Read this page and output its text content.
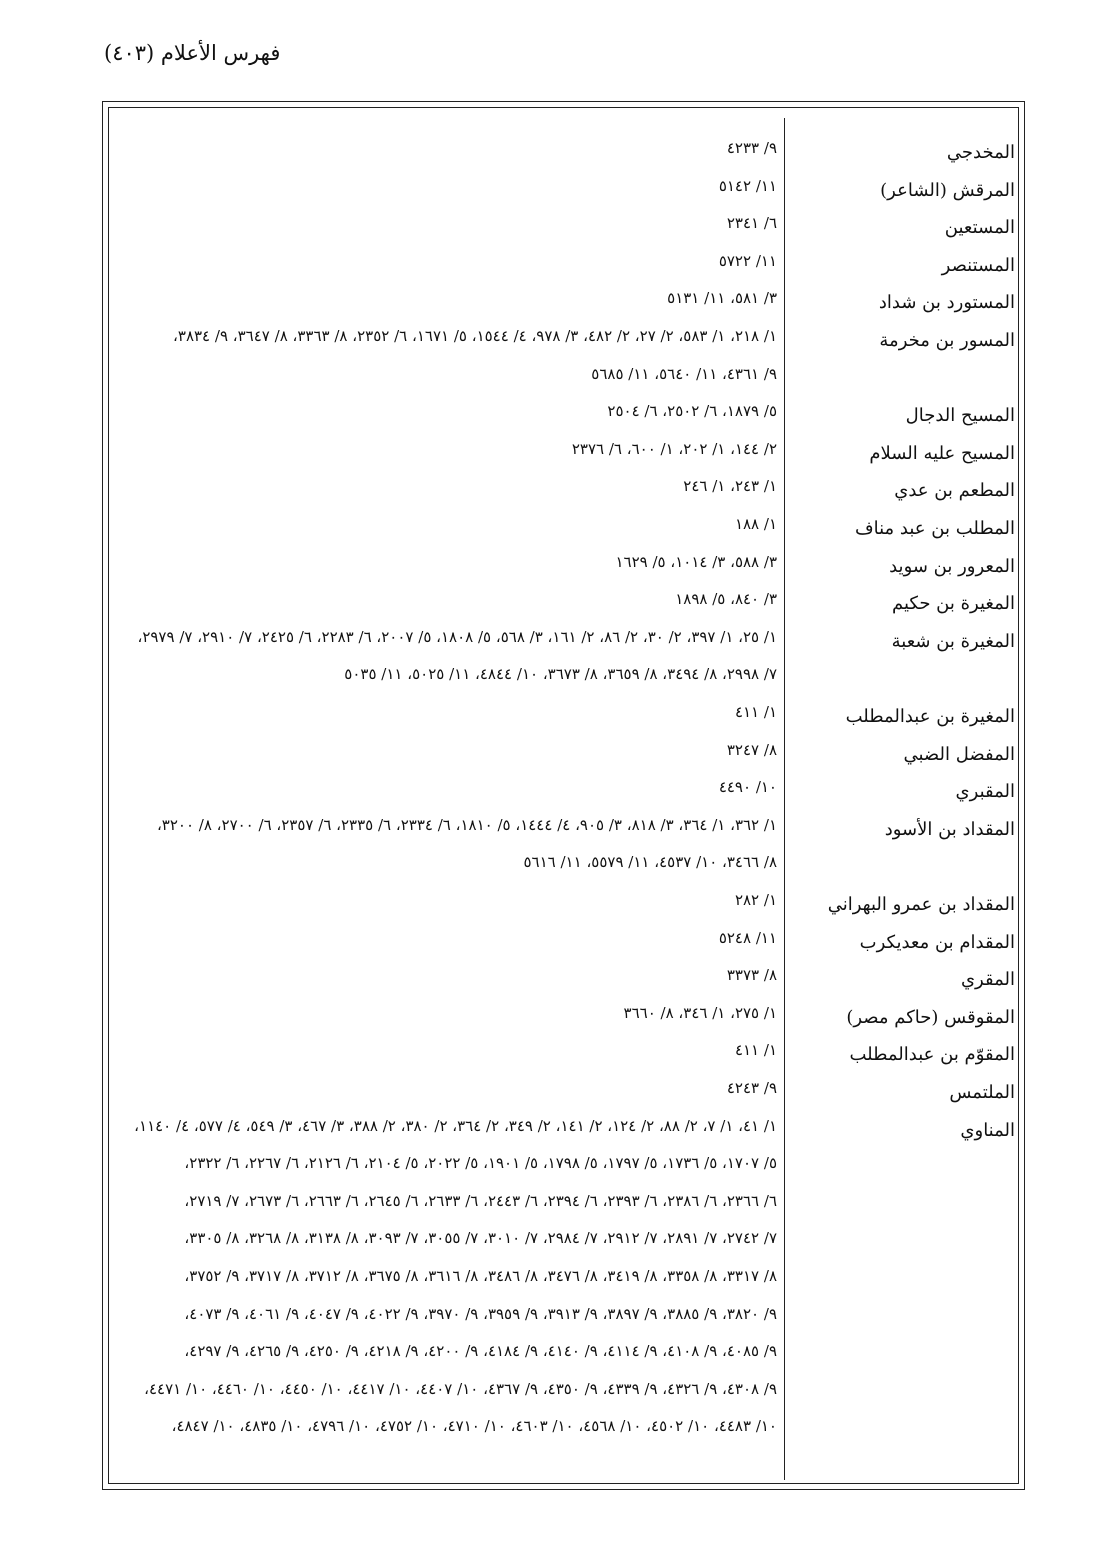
فهرس الأعلام (٤٠٣)
المخدجي
٩/ ٤٢٣٣
المرقش (الشاعر)
١١/ ٥١٤٢
المستعين
٦/ ٢٣٤١
المستنصر
١١/ ٥٧٢٢
المستورد بن شداد
٣/ ٥٨١، ١١/ ٥١٣١
المسور بن مخرمة
١/ ٢١٨، ١/ ٥٨٣، ٢/ ٢٧، ٢/ ٤٨٢، ٣/ ٩٧٨، ٤/ ١٥٤٤، ٥/ ١٦٧١، ٦/ ٢٣٥٢، ٨/ ٣٣٦٣، ٨/ ٣٦٤٧، ٩/ ٣٨٣٤،
٩/ ٤٣٦١، ١١/ ٥٦٤٠، ١١/ ٥٦٨٥
المسيح الدجال
٥/ ١٨٧٩، ٦/ ٢٥٠٢، ٦/ ٢٥٠٤
المسيح عليه السلام
٢/ ١٤٤، ١/ ٢٠٢، ١/ ٦٠٠، ٦/ ٢٣٧٦
المطعم بن عدي
١/ ٢٤٣، ١/ ٢٤٦
المطلب بن عبد مناف
١/ ١٨٨
المعرور بن سويد
٣/ ٥٨٨، ٣/ ١٠١٤، ٥/ ١٦٢٩
المغيرة بن حكيم
٣/ ٨٤٠، ٥/ ١٨٩٨
المغيرة بن شعبة
١/ ٢٥، ١/ ٣٩٧، ٢/ ٣٠، ٢/ ٨٦، ٢/ ١٦١، ٣/ ٥٦٨، ٥/ ١٨٠٨، ٥/ ٢٠٠٧، ٦/ ٢٢٨٣، ٦/ ٢٤٢٥، ٧/ ٢٩١٠، ٧/ ٢٩٧٩،
٧/ ٢٩٩٨، ٨/ ٣٤٩٤، ٨/ ٣٦٥٩، ٨/ ٣٦٧٣، ١٠/ ٤٨٤٤، ١١/ ٥٠٢٥، ١١/ ٥٠٣٥
المغيرة بن عبدالمطلب
١/ ٤١١
المفضل الضبي
٨/ ٣٢٤٧
المقبري
١٠/ ٤٤٩٠
المقداد بن الأسود
١/ ٣٦٢، ١/ ٣٦٤، ٣/ ٨١٨، ٣/ ٩٠٥، ٤/ ١٤٤٤، ٥/ ١٨١٠، ٦/ ٢٣٣٤، ٦/ ٢٣٣٥، ٦/ ٢٣٥٧، ٦/ ٢٧٠٠، ٨/ ٣٢٠٠،
٨/ ٣٤٦٦، ١٠/ ٤٥٣٧، ١١/ ٥٥٧٩، ١١/ ٥٦١٦
المقداد بن عمرو البهراني
١/ ٢٨٢
المقدام بن معديكرب
١١/ ٥٢٤٨
المقري
٨/ ٣٣٧٣
المقوقس (حاكم مصر)
١/ ٢٧٥، ١/ ٣٤٦، ٨/ ٣٦٦٠
المقوّم بن عبدالمطلب
١/ ٤١١
الملتمس
٩/ ٤٢٤٣
المناوي
١/ ٤١، ١/ ٧، ٢/ ٨٨، ٢/ ١٢٤، ٢/ ١٤١، ٢/ ٣٤٩، ٢/ ٣٦٤، ٢/ ٣٨٠، ٢/ ٣٨٨، ٣/ ٤٦٧، ٣/ ٥٤٩، ٤/ ٥٧٧، ٤/ ١١٤٠،
٥/ ١٧٠٧، ٥/ ١٧٣٦، ٥/ ١٧٩٧، ٥/ ١٧٩٨، ٥/ ١٩٠١، ٥/ ٢٠٢٢، ٥/ ٢١٠٤، ٦/ ٢١٢٦، ٦/ ٢٢٦٧، ٦/ ٢٣٢٢،
٦/ ٢٣٦٦، ٦/ ٢٣٨٦، ٦/ ٢٣٩٣، ٦/ ٢٣٩٤، ٦/ ٢٤٤٣، ٦/ ٢٦٣٣، ٦/ ٢٦٤٥، ٦/ ٢٦٦٣، ٦/ ٢٦٧٣، ٧/ ٢٧١٩،
٧/ ٢٧٤٢، ٧/ ٢٨٩١، ٧/ ٢٩١٢، ٧/ ٢٩٨٤، ٧/ ٣٠١٠، ٧/ ٣٠٥٥، ٧/ ٣٠٩٣، ٨/ ٣١٣٨، ٨/ ٣٢٦٨، ٨/ ٣٣٠٥،
٨/ ٣٣١٧، ٨/ ٣٣٥٨، ٨/ ٣٤١٩، ٨/ ٣٤٧٦، ٨/ ٣٤٨٦، ٨/ ٣٦١٦، ٨/ ٣٦٧٥، ٨/ ٣٧١٢، ٨/ ٣٧١٧، ٩/ ٣٧٥٢،
٩/ ٣٨٢٠، ٩/ ٣٨٨٥، ٩/ ٣٨٩٧، ٩/ ٣٩١٣، ٩/ ٣٩٥٩، ٩/ ٣٩٧٠، ٩/ ٤٠٢٢، ٩/ ٤٠٤٧، ٩/ ٤٠٦١، ٩/ ٤٠٧٣،
٩/ ٤٠٨٥، ٩/ ٤١٠٨، ٩/ ٤١١٤، ٩/ ٤١٤٠، ٩/ ٤١٨٤، ٩/ ٤٢٠٠، ٩/ ٤٢١٨، ٩/ ٤٢٥٠، ٩/ ٤٢٦٥، ٩/ ٤٢٩٧،
٩/ ٤٣٠٨، ٩/ ٤٣٢٦، ٩/ ٤٣٣٩، ٩/ ٤٣٥٠، ٩/ ٤٣٦٧، ١٠/ ٤٤٠٧، ١٠/ ٤٤١٧، ١٠/ ٤٤٥٠، ١٠/ ٤٤٦٠، ١٠/ ٤٤٧١،
١٠/ ٤٤٨٣، ١٠/ ٤٥٠٢، ١٠/ ٤٥٦٨، ١٠/ ٤٦٠٣، ١٠/ ٤٧١٠، ١٠/ ٤٧٥٢، ١٠/ ٤٧٩٦، ١٠/ ٤٨٣٥، ١٠/ ٤٨٤٧،
